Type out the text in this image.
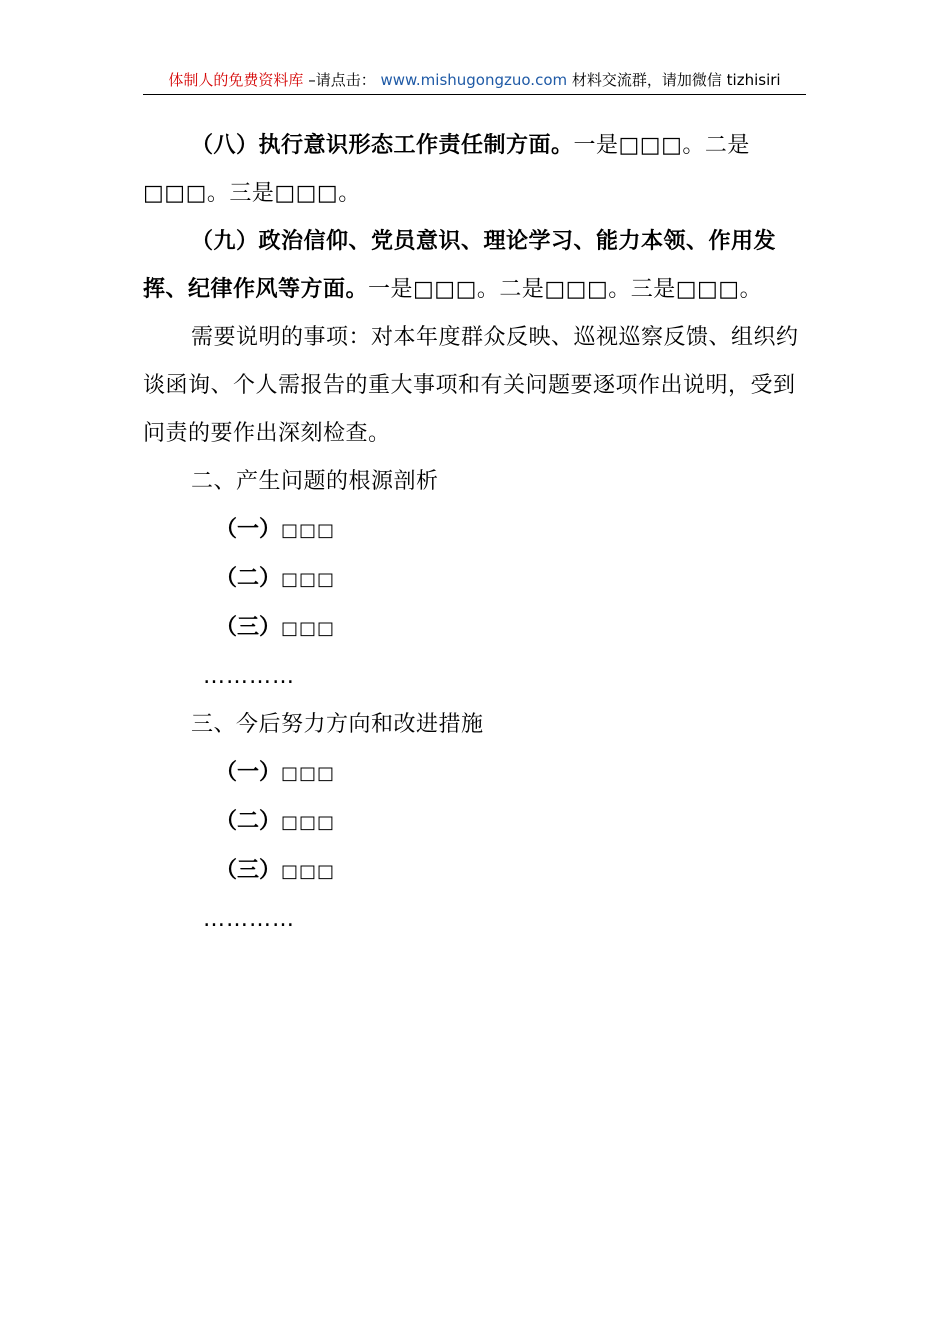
体制人的免费资料库 –请点击： www.mishugongzuo.com 材料交流群，请加微信 tizhisiri

（八）执行意识形态工作责任制方面。一是□□□。二是□□□。三是□□□。

（九）政治信仰、党员意识、理论学习、能力本领、作用发挥、纪律作风等方面。一是□□□。二是□□□。三是□□□。

需要说明的事项：对本年度群众反映、巡视巡察反馈、组织约谈函询、个人需报告的重大事项和有关问题要逐项作出说明，受到问责的要作出深刻检查。

二、产生问题的根源剖析

（一）□□□

（二）□□□

（三）□□□

…………

三、今后努力方向和改进措施

（一）□□□

（二）□□□

（三）□□□

…………
